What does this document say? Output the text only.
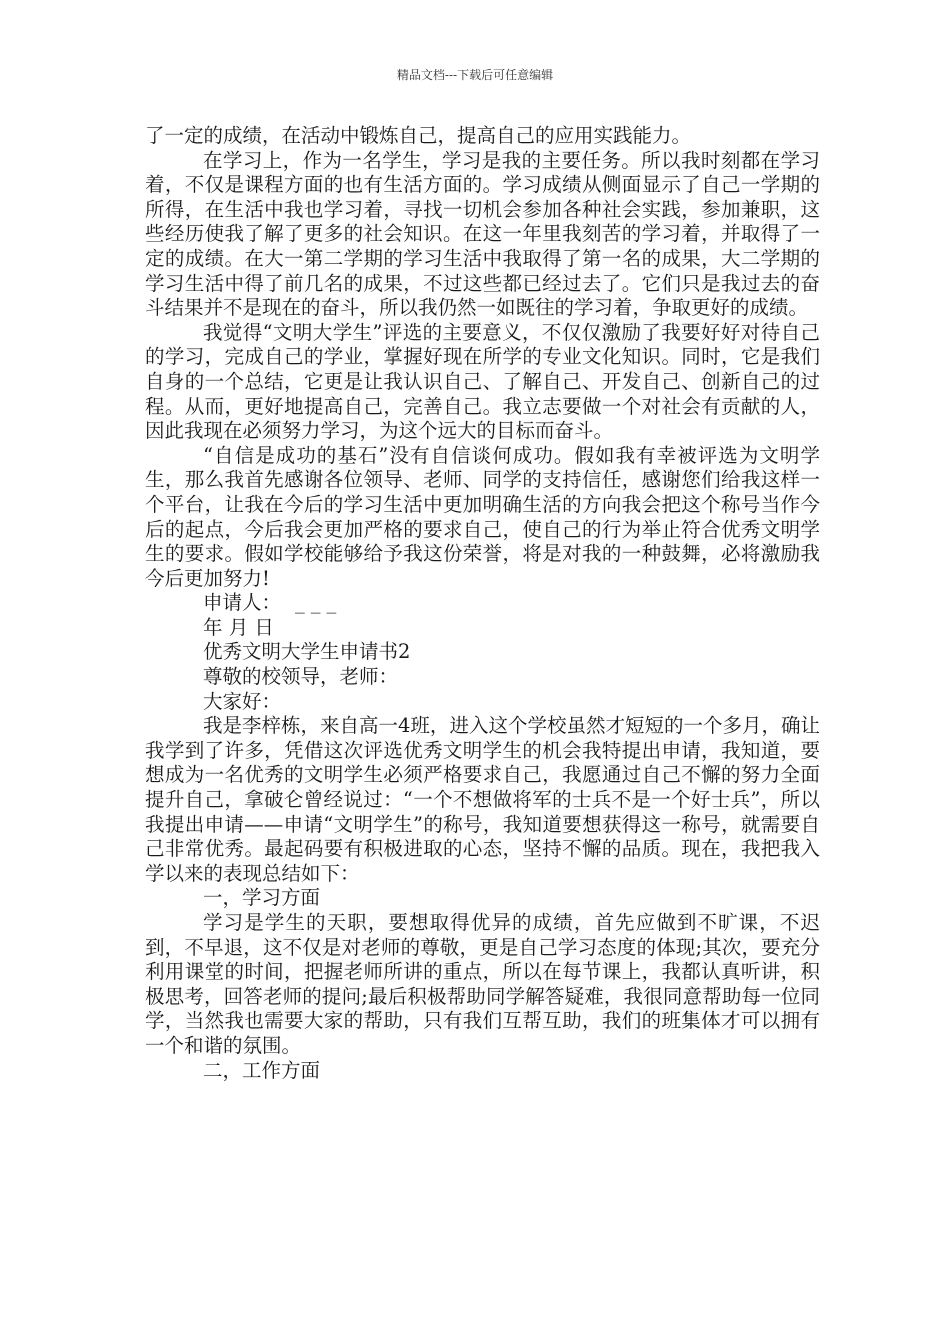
精品文档---下载后可任意编辑

了一定的成绩，在活动中锻炼自己，提高自己的应用实践能力。

在学习上，作为一名学生，学习是我的主要任务。所以我时刻都在学习着，不仅是课程方面的也有生活方面的。学习成绩从侧面显示了自己一学期的所得，在生活中我也学习着，寻找一切机会参加各种社会实践，参加兼职，这些经历使我了解了更多的社会知识。在这一年里我刻苦的学习着，并取得了一定的成绩。在大一第二学期的学习生活中我取得了第一名的成果，大二学期的学习生活中得了前几名的成果，不过这些都已经过去了。它们只是我过去的奋斗结果并不是现在的奋斗，所以我仍然一如既往的学习着，争取更好的成绩。

我觉得“文明大学生”评选的主要意义，不仅仅激励了我要好好对待自己的学习，完成自己的学业，掌握好现在所学的专业文化知识。同时，它是我们自身的一个总结，它更是让我认识自己、了解自己、开发自己、创新自己的过程。从而，更好地提高自己，完善自己。我立志要做一个对社会有贡献的人，因此我现在必须努力学习，为这个远大的目标而奋斗。

“自信是成功的基石”没有自信谈何成功。假如我有幸被评选为文明学生，那么我首先感谢各位领导、老师、同学的支持信任，感谢您们给我这样一个平台，让我在今后的学习生活中更加明确生活的方向我会把这个称号当作今后的起点，今后我会更加严格的要求自己，使自己的行为举止符合优秀文明学生的要求。假如学校能够给予我这份荣誉，将是对我的一种鼓舞，必将激励我今后更加努力!

申请人： ___

年 月 日

优秀文明大学生申请书2

尊敬的校领导，老师：

大家好：

我是李梓栋，来自高一4班，进入这个学校虽然才短短的一个多月，确让我学到了许多，凭借这次评选优秀文明学生的机会我特提出申请，我知道，要想成为一名优秀的文明学生必须严格要求自己，我愿通过自己不懈的努力全面提升自己，拿破仑曾经说过：“一个不想做将军的士兵不是一个好士兵”，所以我提出申请——申请“文明学生”的称号，我知道要想获得这一称号，就需要自己非常优秀。最起码要有积极进取的心态，坚持不懈的品质。现在，我把我入学以来的表现总结如下：

一，学习方面

学习是学生的天职，要想取得优异的成绩，首先应做到不旷课，不迟到，不早退，这不仅是对老师的尊敬，更是自己学习态度的体现;其次，要充分利用课堂的时间，把握老师所讲的重点，所以在每节课上，我都认真听讲，积极思考，回答老师的提问;最后积极帮助同学解答疑难，我很同意帮助每一位同学，当然我也需要大家的帮助，只有我们互帮互助，我们的班集体才可以拥有一个和谐的氛围。

二，工作方面
